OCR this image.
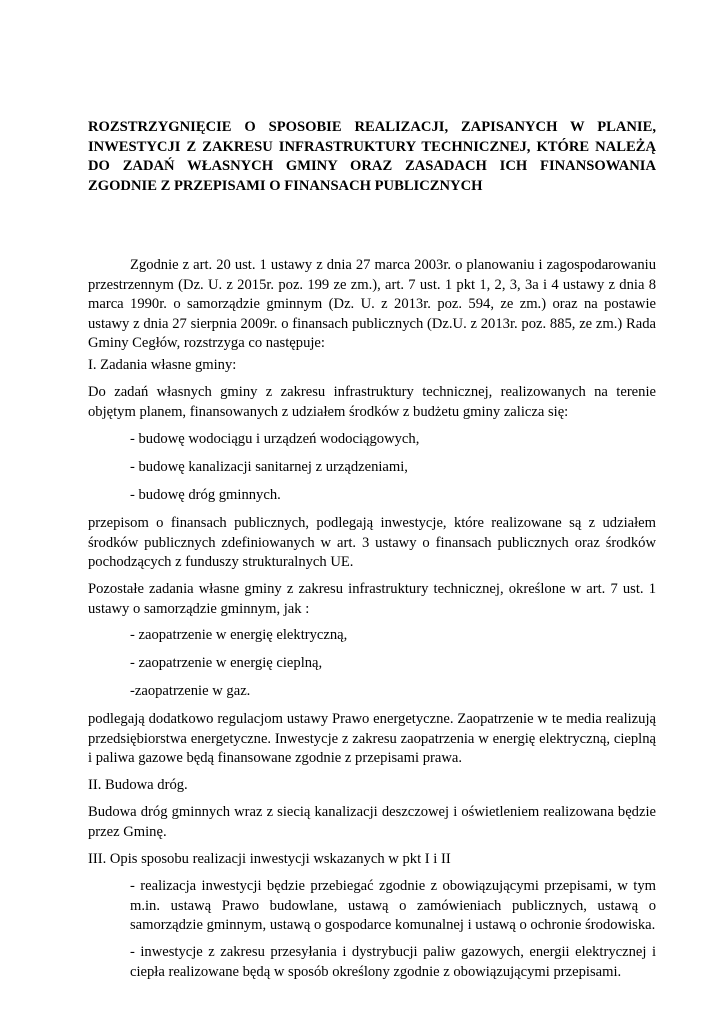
ROZSTRZYGNIĘCIE O SPOSOBIE REALIZACJI, ZAPISANYCH W PLANIE, INWESTYCJI Z ZAKRESU INFRASTRUKTURY TECHNICZNEJ, KTÓRE NALEŻĄ DO ZADAŃ WŁASNYCH GMINY ORAZ ZASADACH ICH FINANSOWANIA ZGODNIE Z PRZEPISAMI O FINANSACH PUBLICZNYCH

Zgodnie z art. 20 ust. 1 ustawy z dnia 27 marca 2003r. o planowaniu i zagospodarowaniu przestrzennym (Dz. U. z 2015r. poz. 199 ze zm.), art. 7 ust. 1 pkt 1, 2, 3, 3a i 4 ustawy z dnia 8 marca 1990r. o samorządzie gminnym (Dz. U. z 2013r. poz. 594, ze zm.) oraz na postawie ustawy z dnia 27 sierpnia 2009r. o finansach publicznych (Dz.U. z 2013r. poz. 885, ze zm.) Rada Gminy Cegłów, rozstrzyga co następuje:

I. Zadania własne gminy:

Do zadań własnych gminy z zakresu infrastruktury technicznej, realizowanych na terenie objętym planem, finansowanych z udziałem środków z budżetu gminy zalicza się:

- budowę wodociągu i urządzeń wodociągowych,

- budowę kanalizacji sanitarnej z urządzeniami,

- budowę dróg gminnych.

przepisom o finansach publicznych, podlegają inwestycje, które realizowane są z udziałem środków publicznych zdefiniowanych w art. 3 ustawy o finansach publicznych oraz środków pochodzących z funduszy strukturalnych UE.

Pozostałe zadania własne gminy z zakresu infrastruktury technicznej, określone w art. 7 ust. 1 ustawy o samorządzie gminnym, jak :

- zaopatrzenie w energię elektryczną,

- zaopatrzenie w energię cieplną,

-zaopatrzenie w gaz.

podlegają dodatkowo regulacjom ustawy Prawo energetyczne. Zaopatrzenie w te media realizują przedsiębiorstwa energetyczne. Inwestycje z zakresu zaopatrzenia w energię elektryczną, cieplną i paliwa gazowe będą finansowane zgodnie z przepisami prawa.

II. Budowa dróg.

Budowa dróg gminnych wraz z siecią kanalizacji deszczowej i oświetleniem realizowana będzie przez Gminę.

III. Opis sposobu realizacji inwestycji wskazanych w pkt I i II

- realizacja inwestycji będzie przebiegać zgodnie z obowiązującymi przepisami, w tym m.in. ustawą Prawo budowlane, ustawą o zamówieniach publicznych, ustawą o samorządzie gminnym, ustawą o gospodarce komunalnej i ustawą o ochronie środowiska.

- inwestycje z zakresu przesyłania i dystrybucji paliw gazowych, energii elektrycznej i ciepła realizowane będą w sposób określony zgodnie z obowiązującymi przepisami.
